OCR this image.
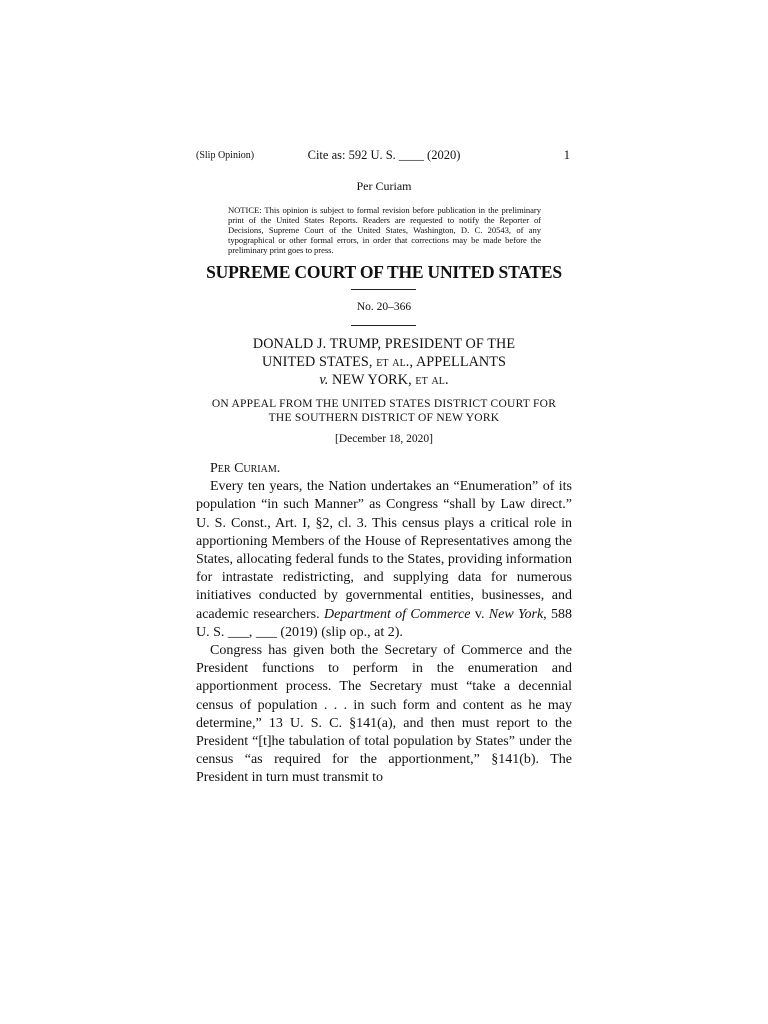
(Slip Opinion)	Cite as: 592 U. S. ____ (2020)	1
Per Curiam
NOTICE: This opinion is subject to formal revision before publication in the preliminary print of the United States Reports. Readers are requested to notify the Reporter of Decisions, Supreme Court of the United States, Washington, D. C. 20543, of any typographical or other formal errors, in order that corrections may be made before the preliminary print goes to press.
SUPREME COURT OF THE UNITED STATES
No. 20–366
DONALD J. TRUMP, PRESIDENT OF THE
UNITED STATES, et al., APPELLANTS
v. NEW YORK, et al.
ON APPEAL FROM THE UNITED STATES DISTRICT COURT FOR
THE SOUTHERN DISTRICT OF NEW YORK
[December 18, 2020]

Per Curiam.

Every ten years, the Nation undertakes an “Enumeration” of its population “in such Manner” as Congress “shall by Law direct.” U. S. Const., Art. I, §2, cl. 3. This census plays a critical role in apportioning Members of the House of Representatives among the States, allocating federal funds to the States, providing information for intrastate redistricting, and supplying data for numerous initiatives conducted by governmental entities, businesses, and academic researchers. Department of Commerce v. New York, 588 U. S. ___, ___ (2019) (slip op., at 2).

Congress has given both the Secretary of Commerce and the President functions to perform in the enumeration and apportionment process. The Secretary must “take a decennial census of population . . . in such form and content as he may determine,” 13 U. S. C. §141(a), and then must report to the President “[t]he tabulation of total population by States” under the census “as required for the apportionment,” §141(b). The President in turn must transmit to
